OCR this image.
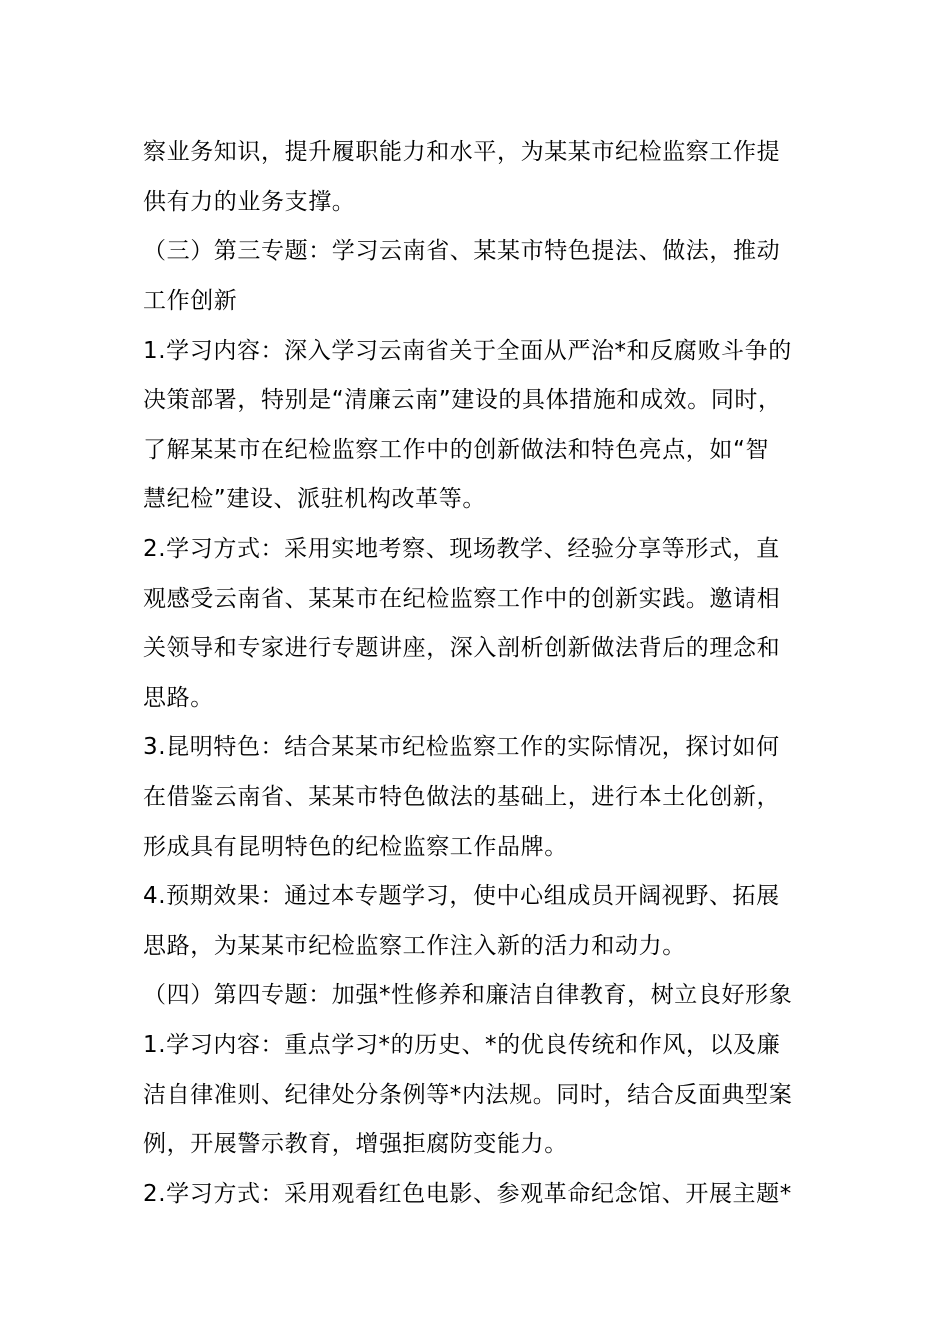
察业务知识，提升履职能力和水平，为某某市纪检监察工作提
供有力的业务支撑。
（三）第三专题：学习云南省、某某市特色提法、做法，推动
工作创新
1.学习内容：深入学习云南省关于全面从严治*和反腐败斗争的
决策部署，特别是“清廉云南”建设的具体措施和成效。同时，
了解某某市在纪检监察工作中的创新做法和特色亮点，如“智
慧纪检”建设、派驻机构改革等。
2.学习方式：采用实地考察、现场教学、经验分享等形式，直
观感受云南省、某某市在纪检监察工作中的创新实践。邀请相
关领导和专家进行专题讲座，深入剖析创新做法背后的理念和
思路。
3.昆明特色：结合某某市纪检监察工作的实际情况，探讨如何
在借鉴云南省、某某市特色做法的基础上，进行本土化创新，
形成具有昆明特色的纪检监察工作品牌。
4.预期效果：通过本专题学习，使中心组成员开阔视野、拓展
思路，为某某市纪检监察工作注入新的活力和动力。
（四）第四专题：加强*性修养和廉洁自律教育，树立良好形象
1.学习内容：重点学习*的历史、*的优良传统和作风，以及廉
洁自律准则、纪律处分条例等*内法规。同时，结合反面典型案
例，开展警示教育，增强拒腐防变能力。
2.学习方式：采用观看红色电影、参观革命纪念馆、开展主题*
